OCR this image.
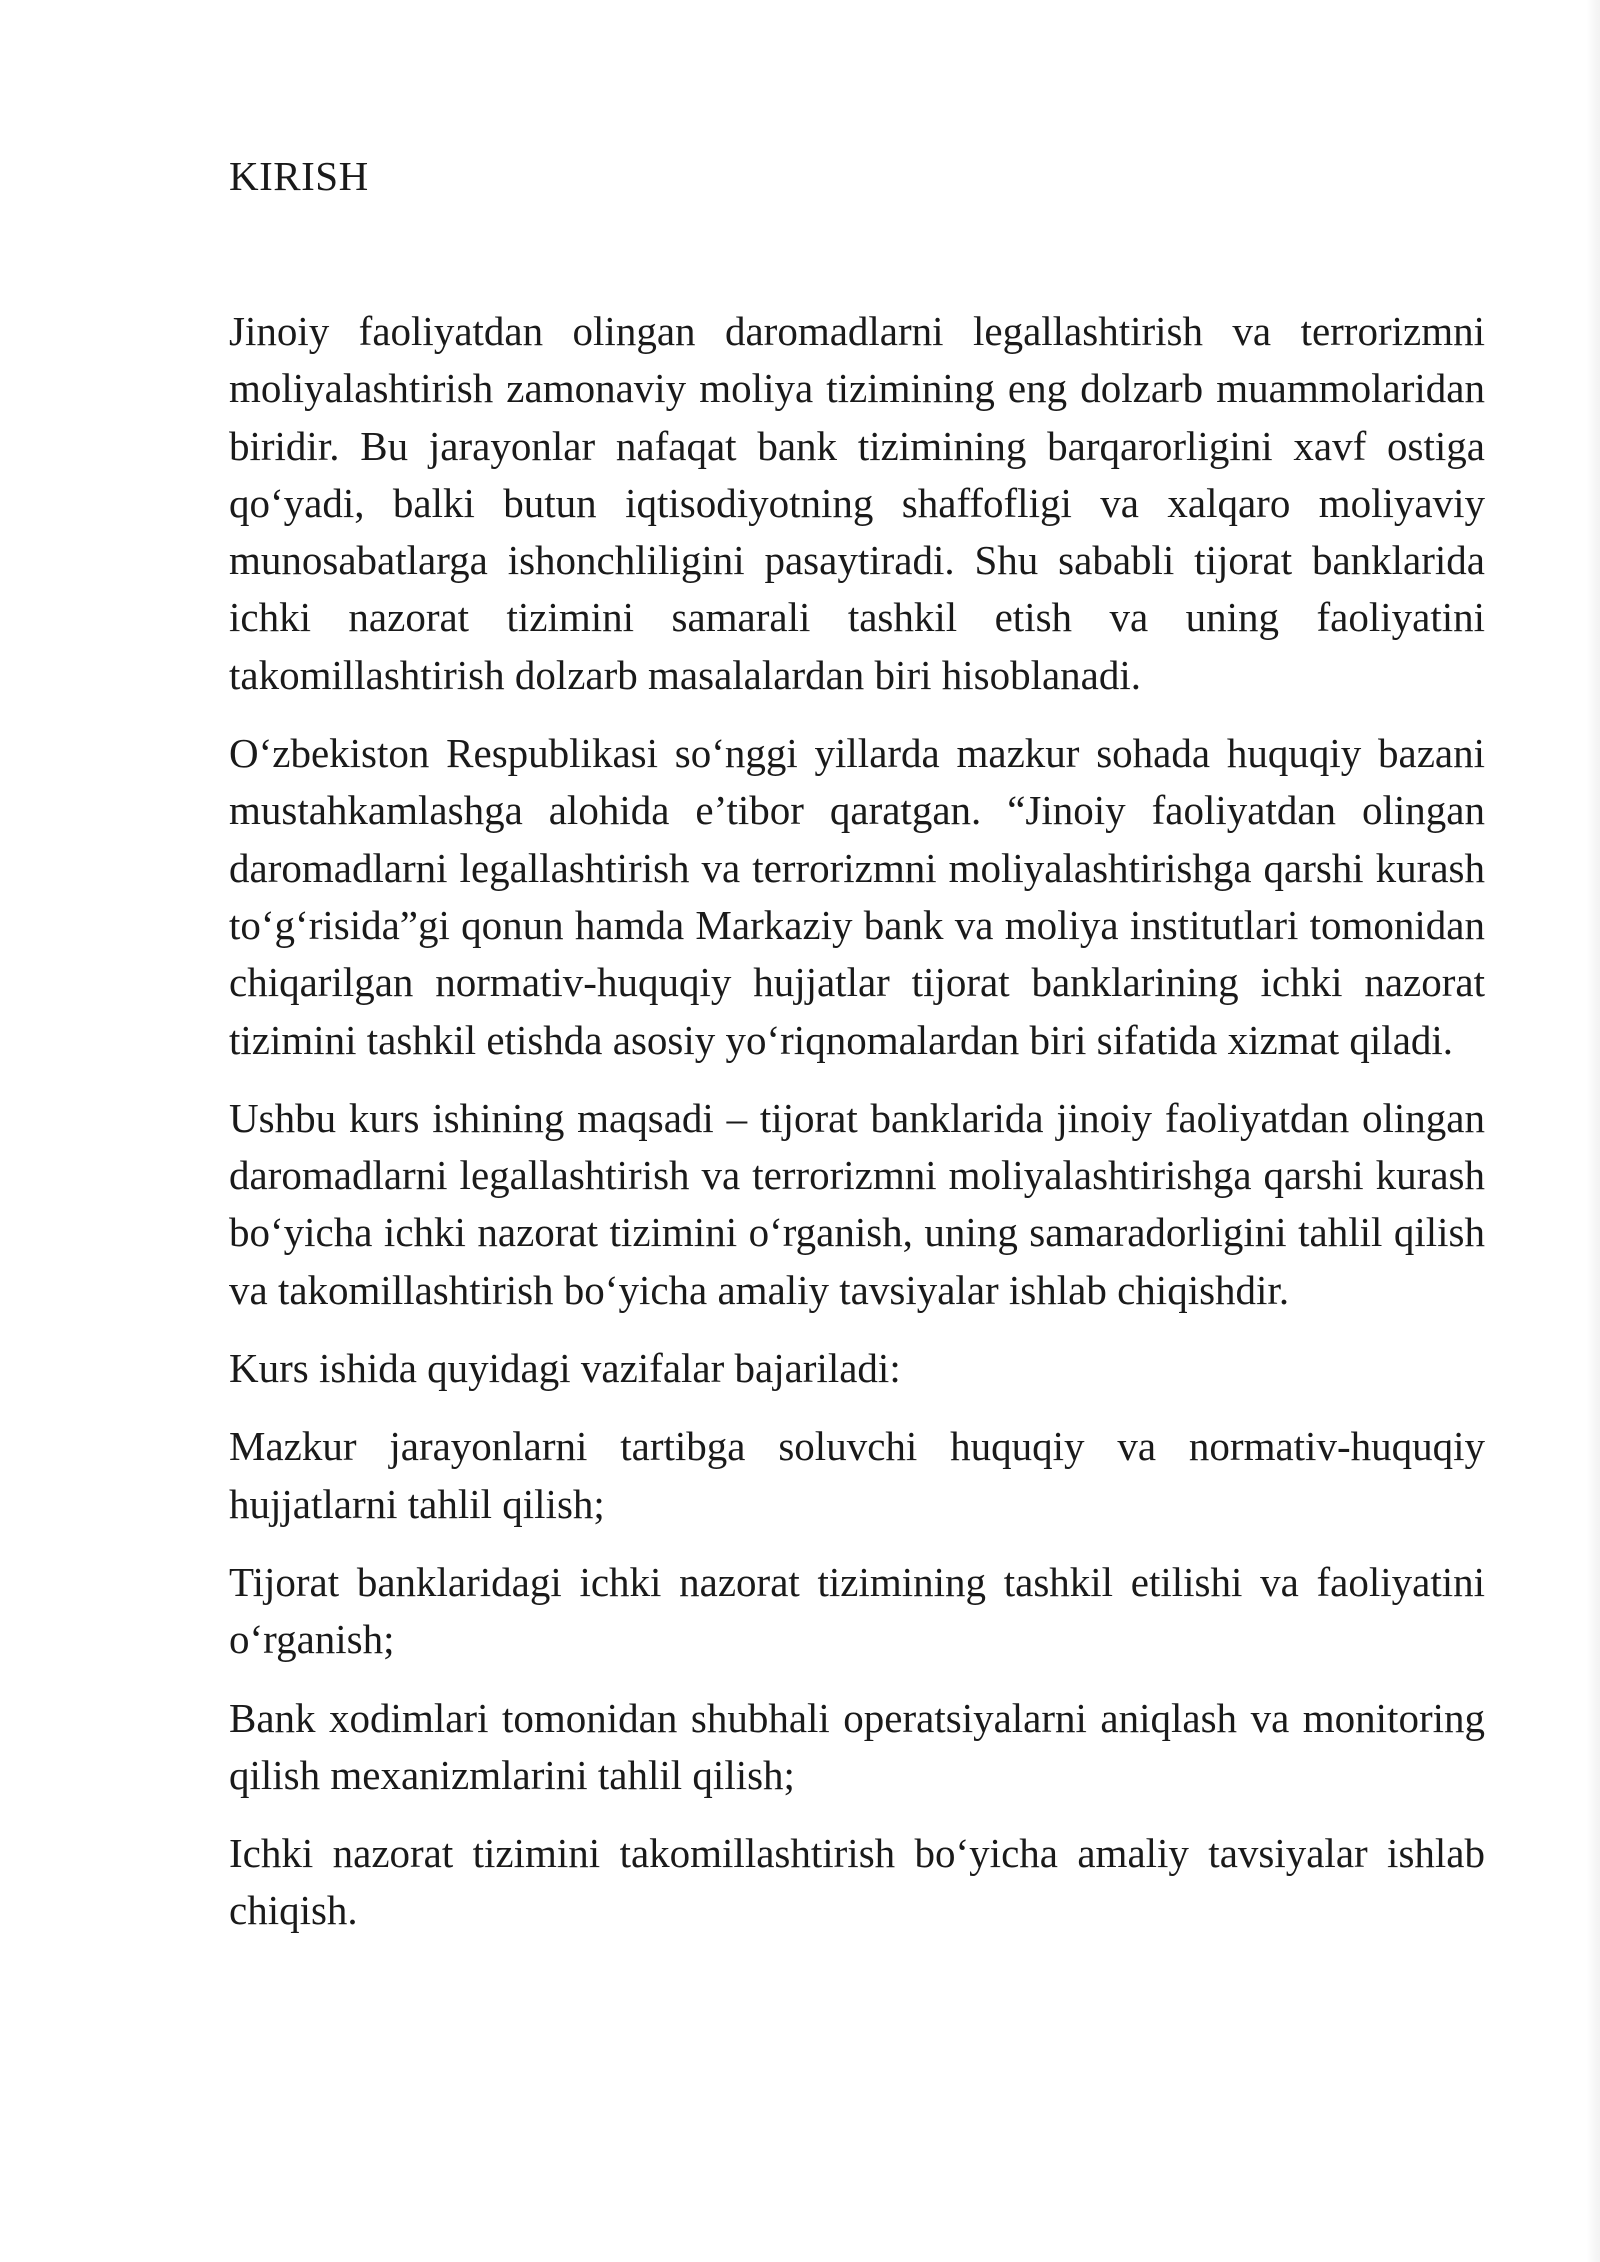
KIRISH

Jinoiy faoliyatdan olingan daromadlarni legallashtirish va terrorizmni moliyalashtirish zamonaviy moliya tizimining eng dolzarb muammolaridan biridir. Bu jarayonlar nafaqat bank tizimining barqarorligini xavf ostiga qo‘yadi, balki butun iqtisodiyotning shaffofligi va xalqaro moliyaviy munosabatlarga ishonchliligini pasaytiradi. Shu sababli tijorat banklarida ichki nazorat tizimini samarali tashkil etish va uning faoliyatini takomillashtirish dolzarb masalalardan biri hisoblanadi.

O‘zbekiston Respublikasi so‘nggi yillarda mazkur sohada huquqiy bazani mustahkamlashga alohida e’tibor qaratgan. “Jinoiy faoliyatdan olingan daromadlarni legallashtirish va terrorizmni moliyalashtirishga qarshi kurash to‘g‘risida”gi qonun hamda Markaziy bank va moliya institutlari tomonidan chiqarilgan normativ-huquqiy hujjatlar tijorat banklarining ichki nazorat tizimini tashkil etishda asosiy yo‘riqnomalardan biri sifatida xizmat qiladi.

Ushbu kurs ishining maqsadi – tijorat banklarida jinoiy faoliyatdan olingan daromadlarni legallashtirish va terrorizmni moliyalashtirishga qarshi kurash bo‘yicha ichki nazorat tizimini o‘rganish, uning samaradorligini tahlil qilish va takomillashtirish bo‘yicha amaliy tavsiyalar ishlab chiqishdir.

Kurs ishida quyidagi vazifalar bajariladi:

Mazkur jarayonlarni tartibga soluvchi huquqiy va normativ-huquqiy hujjatlarni tahlil qilish;

Tijorat banklaridagi ichki nazorat tizimining tashkil etilishi va faoliyatini o‘rganish;

Bank xodimlari tomonidan shubhali operatsiyalarni aniqlash va monitoring qilish mexanizmlarini tahlil qilish;

Ichki nazorat tizimini takomillashtirish bo‘yicha amaliy tavsiyalar ishlab chiqish.
